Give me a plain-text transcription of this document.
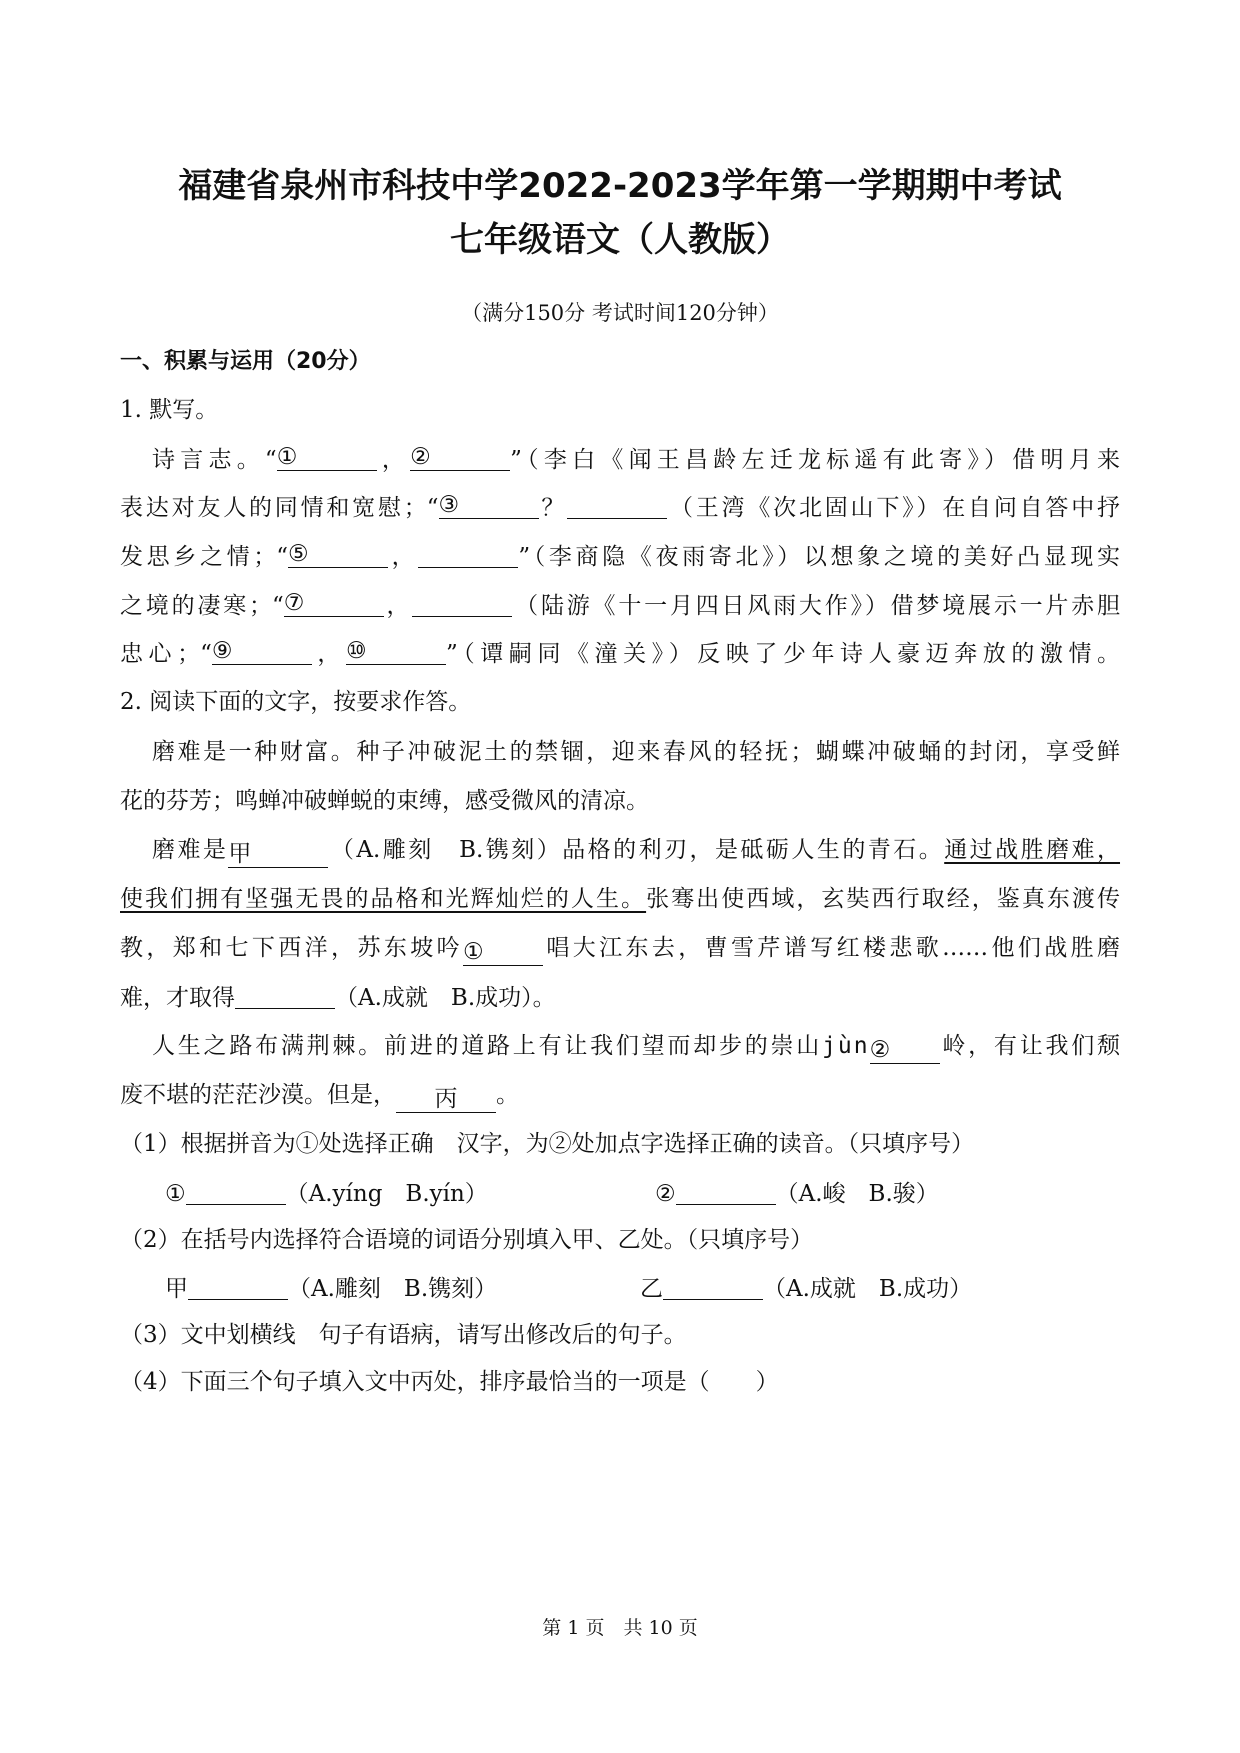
福建省泉州市科技中学2022-2023学年第一学期期中考试
七年级语文（人教版）
（满分150分 考试时间120分钟）
一、积累与运用（20分）
1. 默写。
诗言志。“ ①	， ②	”（李白《闻王昌龄左迁龙标遥有此寄》）借明月来
表达对友人的同情和宽慰；“ ③	？	（王湾《次北固山下》）在自问自答中抒
发思乡之情；“ ⑤	，	”（李商隐《夜雨寄北》）以想象之境的美好凸显现实
之境的凄寒；“ ⑦	，	（陆游《十一月四日风雨大作》）借梦境展示一片赤胆
忠心；“ ⑨	， ⑩	”（谭嗣同《潼关》）反映了少年诗人豪迈奔放的激情。
2. 阅读下面的文字，按要求作答。
磨难是一种财富。种子冲破泥土的禁锢，迎来春风的轻抚；蝴蝶冲破蛹的封闭，享受鲜
花的芬芳；鸣蝉冲破蝉蜕的束缚，感受微风的清凉。
磨难是甲	（A.雕刻　B.镌刻）品格的利刃，是砥砺人生的青石。通过战胜磨难，
使我们拥有坚强无畏的品格和光辉灿烂的人生。张骞出使西域，玄奘西行取经，鉴真东渡传
教，郑和七下西洋，苏东坡吟①	唱大江东去，曹雪芹谱写红楼悲歌……他们战胜磨
难，才取得	（A.成就　B.成功）。
人生之路布满荆棘。前进的道路上有让我们望而却步的崇山jùn② 岭，有让我们颓
废不堪的茫茫沙漠。但是， 丙 。
（1）根据拼音为①处选择正确　汉字，为②处加点字选择正确的读音。（只填序号）
①	（A.yíng　B.yín）	②	（A.峻　B.骏）
（2）在括号内选择符合语境的词语分别填入甲、乙处。（只填序号）
甲	（A.雕刻　B.镌刻）	乙	（A.成就　B.成功）
（3）文中划横线　句子有语病，请写出修改后的句子。
（4）下面三个句子填入文中丙处，排序最恰当的一项是（　　）
第 1 页　共 10 页
